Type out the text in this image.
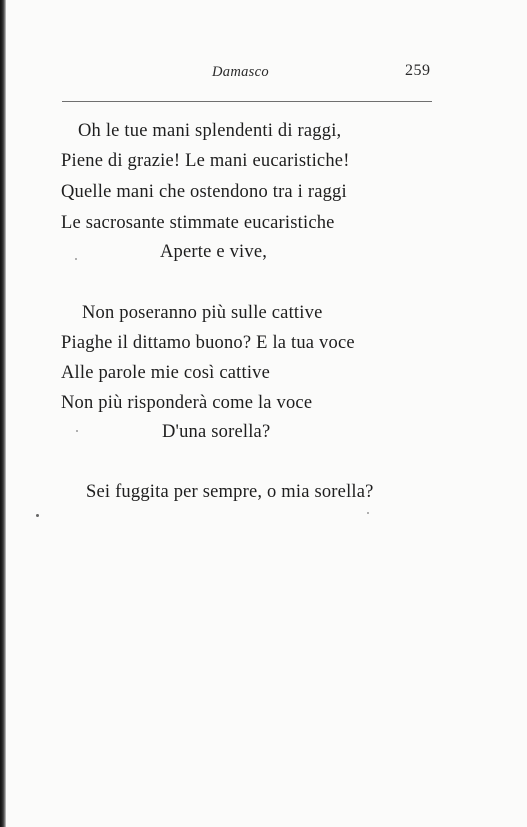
Damasco	259
Oh le tue mani splendenti di raggi,
Piene di grazie! Le mani eucaristiche!
Quelle mani che ostendono tra i raggi
Le sacrosante stimmate eucaristiche
Aperte e vive,
Non poseranno più sulle cattive
Piaghe il dittamo buono? E la tua voce
Alle parole mie così cattive
Non più risponderà come la voce
D'una sorella?
Sei fuggita per sempre, o mia sorella?
